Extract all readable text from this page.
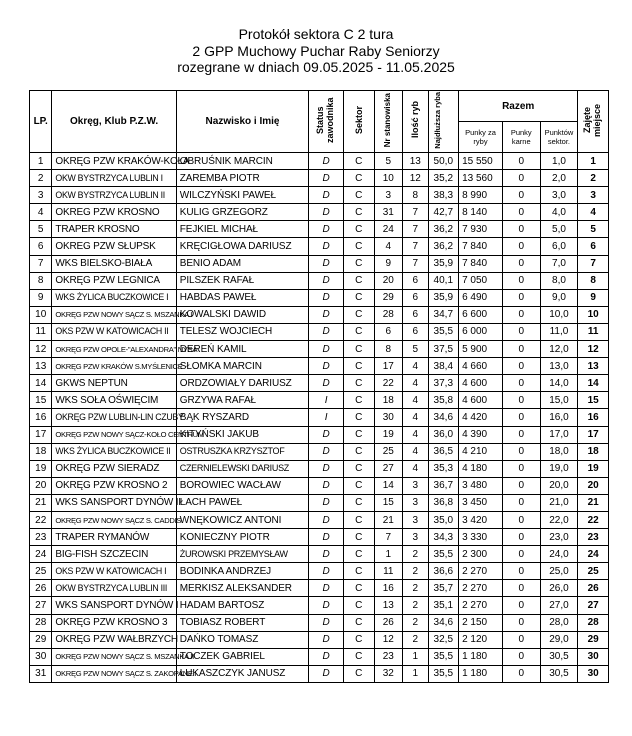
Protokół sektora C 2 tura
2 GPP Muchowy Puchar Raby Seniorzy
rozegrane w dniach 09.05.2025 - 11.05.2025
LP.	Okręg, Klub P.Z.W.	Nazwisko i Imię	Status zawodnika	Sektor	Nr stanowiska	Ilość ryb	Najdłuższa ryba	Razem			Zajęte miejsce
								Punky za ryby	Punky karne	Punktów sektor.	
1	OKRĘG PZW KRAKÓW-KOŁA	OBRUŚNIK MARCIN	D	C	5	13	50,0	15 550	0	1,0	1
2	OKW BYSTRZYCA LUBLIN I	ZAREMBA PIOTR	D	C	10	12	35,2	13 560	0	2,0	2
3	OKW BYSTRZYCA LUBLIN II	WILCZYŃSKI PAWEŁ	D	C	3	8	38,3	8 990	0	3,0	3
4	OKREG PZW KROSNO	KULIG GRZEGORZ	D	C	31	7	42,7	8 140	0	4,0	4
5	TRAPER KROSNO	FEJKIEL MICHAŁ	D	C	24	7	36,2	7 930	0	5,0	5
6	OKREG PZW SŁUPSK	KRĘCIGŁOWA DARIUSZ	D	C	4	7	36,2	7 840	0	6,0	6
7	WKS BIELSKO-BIAŁA	BENIO ADAM	D	C	9	7	35,9	7 840	0	7,0	7
8	OKRĘG PZW LEGNICA	PILSZEK RAFAŁ	D	C	20	6	40,1	7 050	0	8,0	8
9	WKS ŻYLICA BUCZKOWICE I	HABDAS PAWEŁ	D	C	29	6	35,9	6 490	0	9,0	9
10	OKRĘG PZW NOWY SĄCZ S. MSZANKA I	KOWALSKI DAWID	D	C	28	6	34,7	6 600	0	10,0	10
11	OKS PZW W KATOWICACH II	TELESZ WOJCIECH	D	C	6	6	35,5	6 000	0	11,0	11
12	OKRĘG PZW OPOLE-"ALEXANDRA" NYSA	DEREŃ KAMIL	D	C	8	5	37,5	5 900	0	12,0	12
13	OKRĘG PZW KRAKÓW S.MYŚLENICE	SŁOMKA MARCIN	D	C	17	4	38,4	4 660	0	13,0	13
14	GKWS NEPTUN	ORDZOWIAŁY DARIUSZ	D	C	22	4	37,3	4 600	0	14,0	14
15	WKS SOŁA OŚWIĘCIM	GRZYWA RAFAŁ	I	C	18	4	35,8	4 600	0	15,0	15
16	OKRĘG PZW LUBLIN-LIN CZUBY	BĄK RYSZARD	I	C	30	4	34,6	4 420	0	16,0	16
17	OKRĘG PZW NOWY SĄCZ-KOŁO CENTRUM	KITYŃSKI JAKUB	D	C	19	4	36,0	4 390	0	17,0	17
18	WKS ŻYLICA BUCZKOWICE II	OSTRUSZKA KRZYSZTOF	D	C	25	4	36,5	4 210	0	18,0	18
19	OKRĘG PZW SIERADZ	CZERNIELEWSKI DARIUSZ	D	C	27	4	35,3	4 180	0	19,0	19
20	OKRĘG PZW KROSNO 2	BOROWIEC WACŁAW	D	C	14	3	36,7	3 480	0	20,0	20
21	WKS SANSPORT DYNÓW II	ŁACH PAWEŁ	D	C	15	3	36,8	3 450	0	21,0	21
22	OKRĘG PZW NOWY SĄCZ S. CADDIS	WNĘKOWICZ ANTONI	D	C	21	3	35,0	3 420	0	22,0	22
23	TRAPER RYMANÓW	KONIECZNY PIOTR	D	C	7	3	34,3	3 330	0	23,0	23
24	BIG-FISH SZCZECIN	ŻUROWSKI PRZEMYSŁAW	D	C	1	2	35,5	2 300	0	24,0	24
25	OKS PZW W KATOWICACH I	BODINKA ANDRZEJ	D	C	11	2	36,6	2 270	0	25,0	25
26	OKW BYSTRZYCA LUBLIN III	MERKISZ ALEKSANDER	D	C	16	2	35,7	2 270	0	26,0	26
27	WKS SANSPORT DYNÓW I	HADAM BARTOSZ	D	C	13	2	35,1	2 270	0	27,0	27
28	OKRĘG PZW KROSNO 3	TOBIASZ ROBERT	D	C	26	2	34,6	2 150	0	28,0	28
29	OKRĘG PZW WAŁBRZYCH	DAŃKO TOMASZ	D	C	12	2	32,5	2 120	0	29,0	29
30	OKRĘG PZW NOWY SĄCZ S. MSZANKA II	TOCZEK GABRIEL	D	C	23	1	35,5	1 180	0	30,5	30
31	OKRĘG PZW NOWY SĄCZ S. ZAKOPANE I	ŁUKASZCZYK JANUSZ	D	C	32	1	35,5	1 180	0	30,5	30
